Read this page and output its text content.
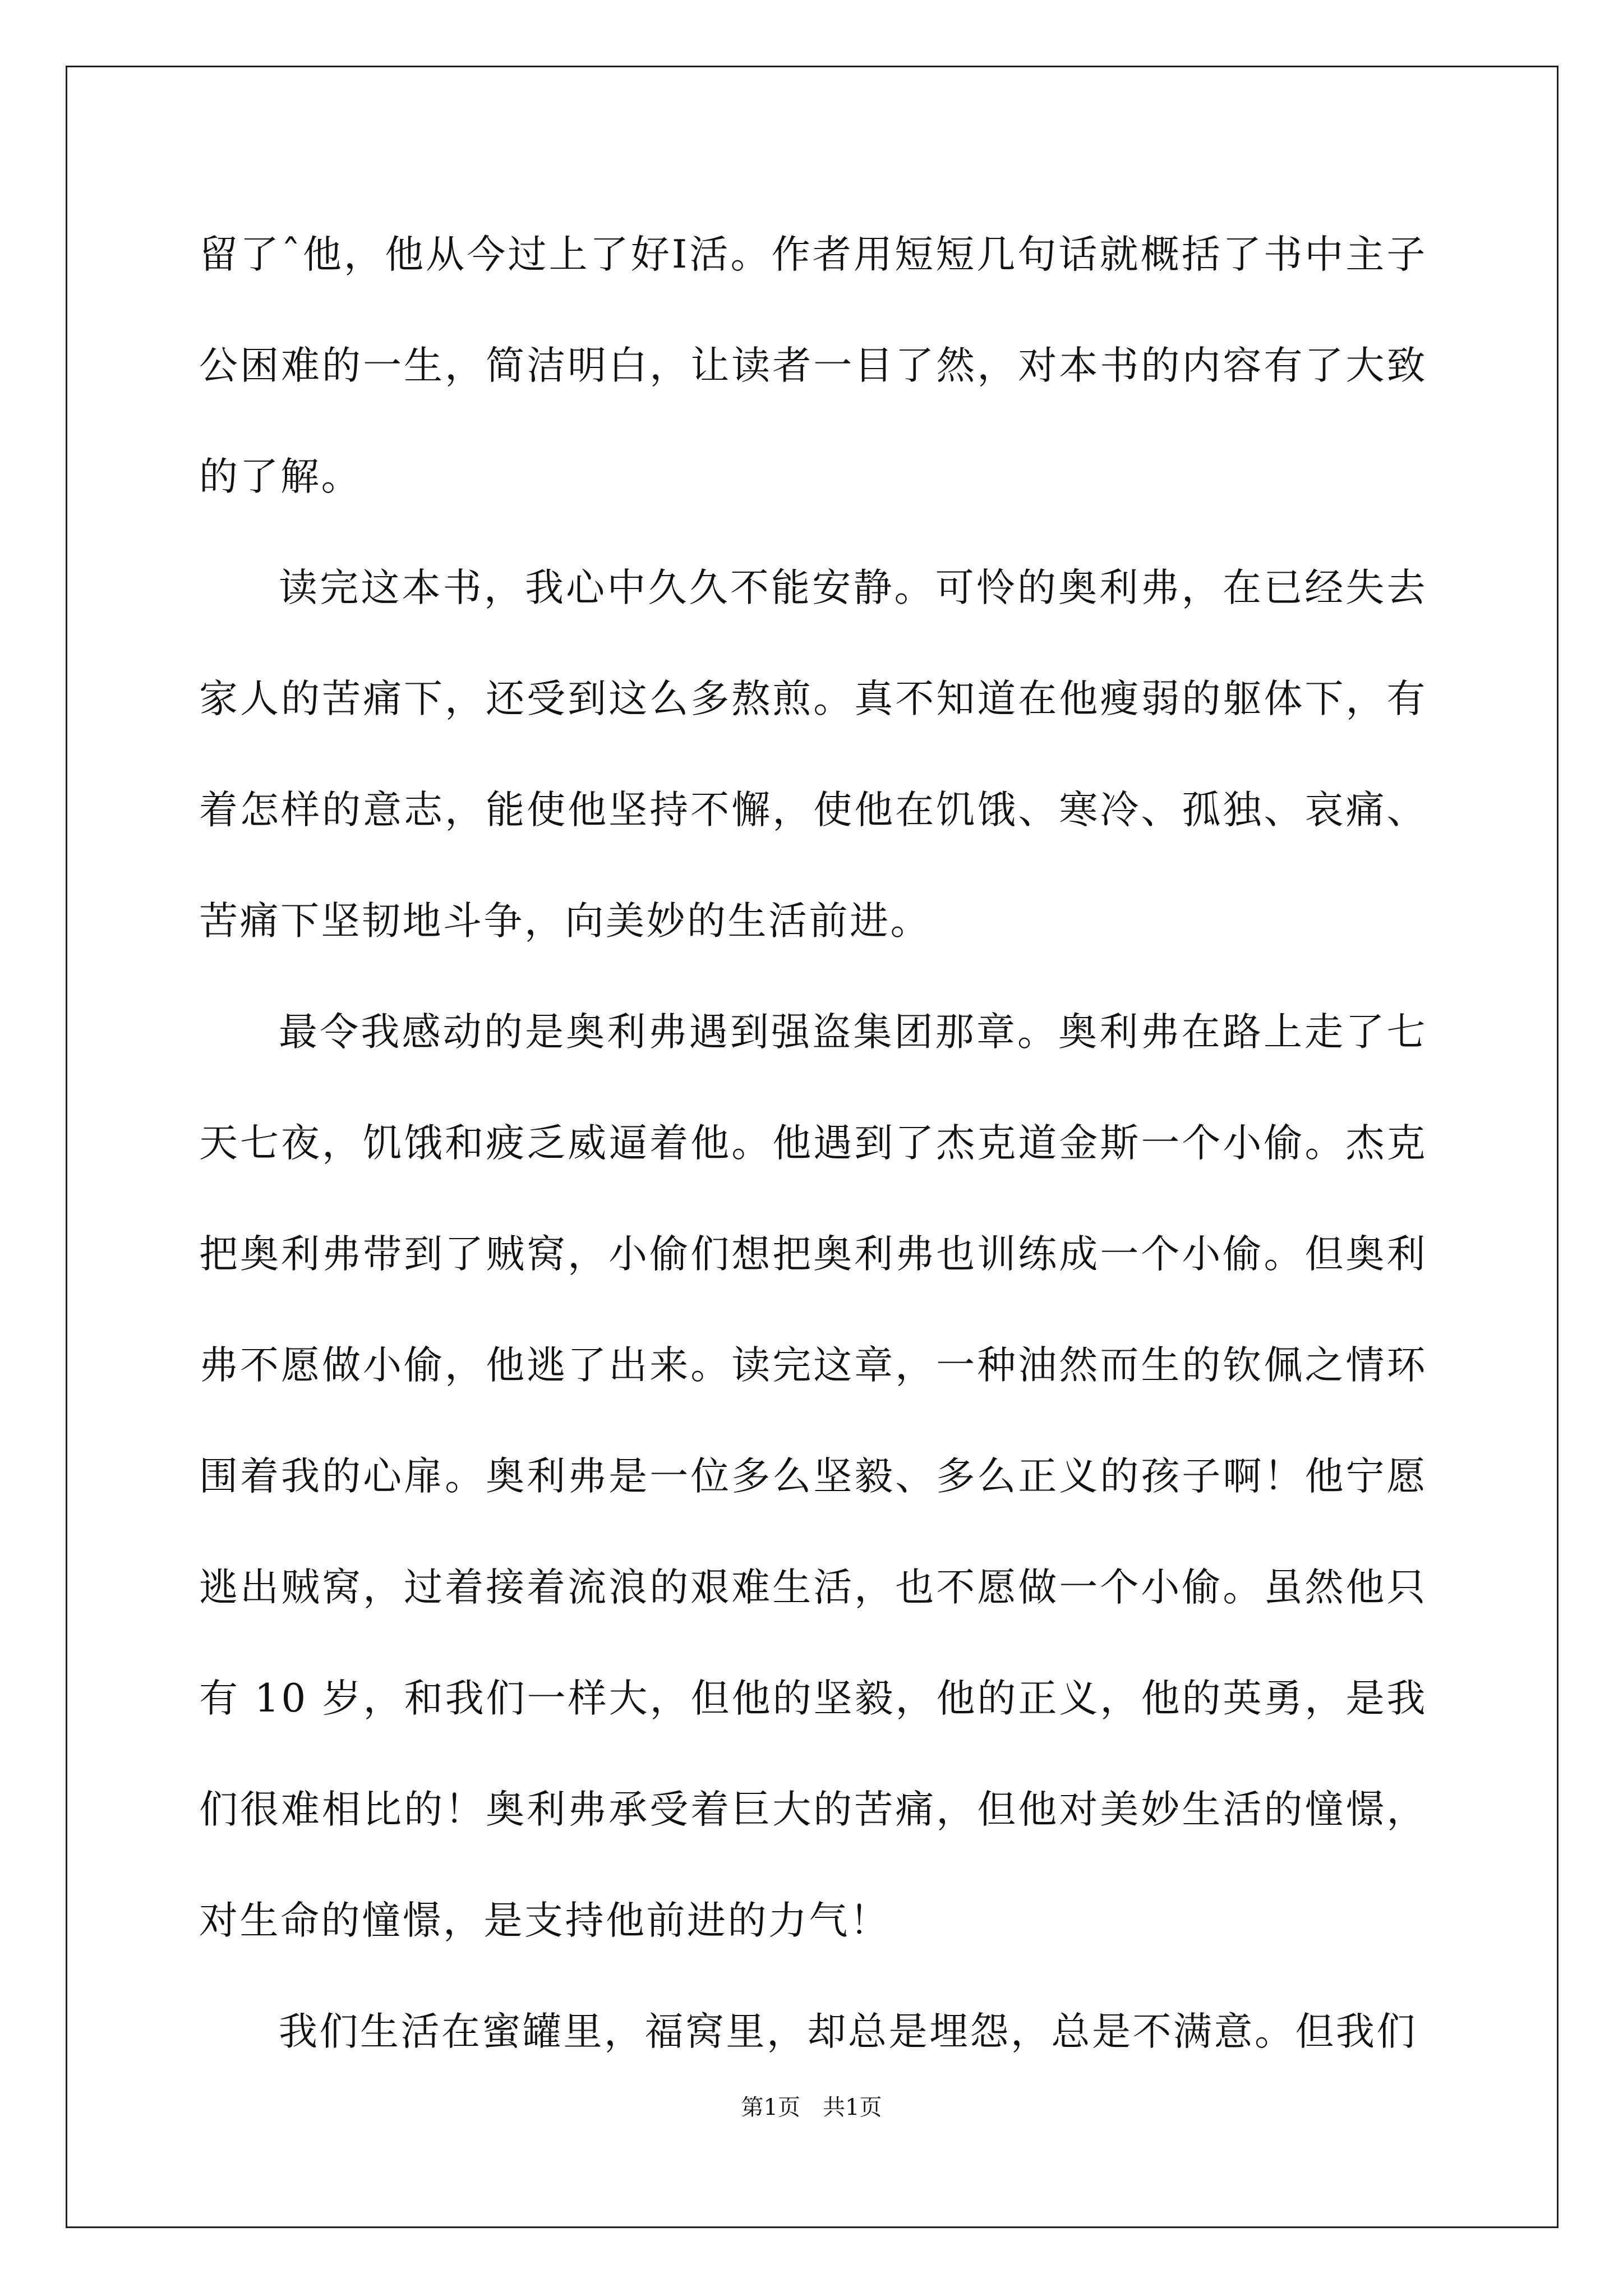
留了ˆ他，他从今过上了好Ⅰ活。作者用短短几句话就概括了书中主子公困难的一生，简洁明白，让读者一目了然，对本书的内容有了大致的了解。

读完这本书，我心中久久不能安静。可怜的奥利弗，在已经失去家人的苦痛下，还受到这么多熬煎。真不知道在他瘦弱的躯体下，有着怎样的意志，能使他坚持不懈，使他在饥饿、寒冷、孤独、哀痛、苦痛下坚韧地斗争，向美妙的生活前进。

最令我感动的是奥利弗遇到强盗集团那章。奥利弗在路上走了七天七夜，饥饿和疲乏威逼着他。他遇到了杰克道金斯一个小偷。杰克把奥利弗带到了贼窝，小偷们想把奥利弗也训练成一个小偷。但奥利弗不愿做小偷，他逃了出来。读完这章，一种油然而生的钦佩之情环围着我的心扉。奥利弗是一位多么坚毅、多么正义的孩子啊！他宁愿逃出贼窝，过着接着流浪的艰难生活，也不愿做一个小偷。虽然他只有 10 岁，和我们一样大，但他的坚毅，他的正义，他的英勇，是我们很难相比的！奥利弗承受着巨大的苦痛，但他对美妙生活的憧憬，对生命的憧憬，是支持他前进的力气！

我们生活在蜜罐里，福窝里，却总是埋怨，总是不满意。但我们

第1页　共1页
